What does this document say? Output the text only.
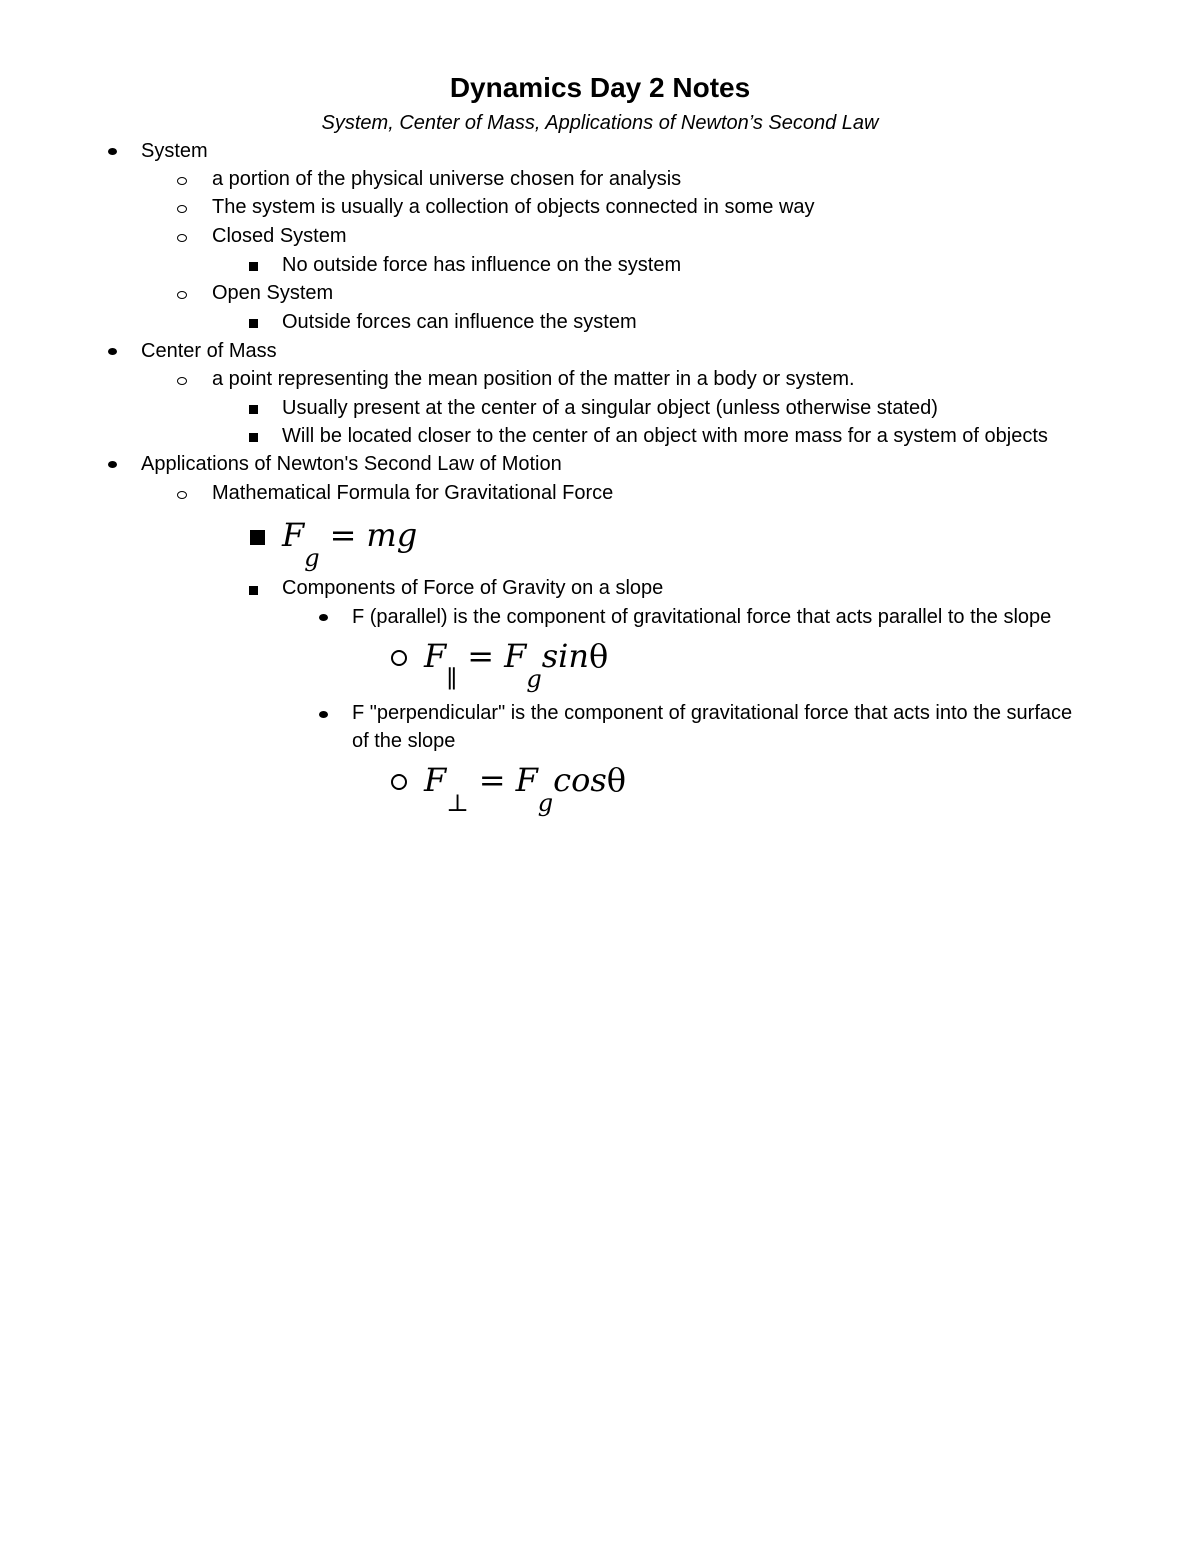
Dynamics Day 2 Notes
System, Center of Mass, Applications of Newton’s Second Law
System
a portion of the physical universe chosen for analysis
The system is usually a collection of objects connected in some way
Closed System
No outside force has influence on the system
Open System
Outside forces can influence the system
Center of Mass
a point representing the mean position of the matter in a body or system.
Usually present at the center of a singular object (unless otherwise stated)
Will be located closer to the center of an object with more mass for a system of objects
Applications of Newton's Second Law of Motion
Mathematical Formula for Gravitational Force
$F_g=$ mg
Components of Force of Gravity on a slope
F (parallel) is the component of gravitational force that acts parallel to the slope
$F_\parallel= F_g\sin\theta$
F "perpendicular" is the component of gravitational force that acts into the surface
of the slope
$F_\perp= F_g\cos\theta$
